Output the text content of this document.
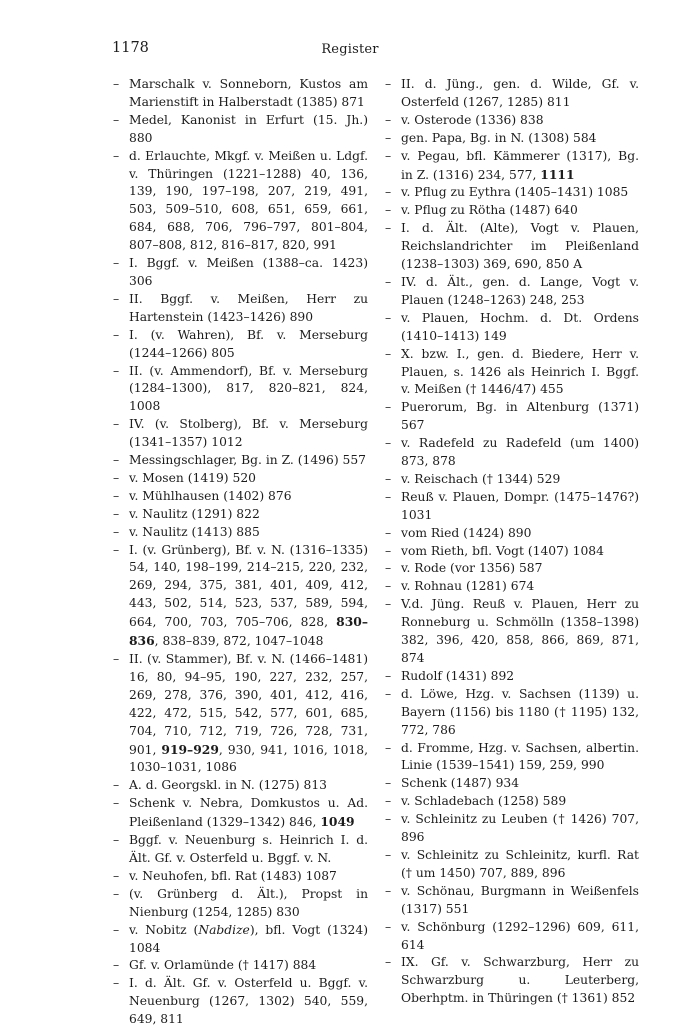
1178	Register
– Marschalk v. Sonneborn, Kustos am Marienstift in Halberstadt (1385) 871
– Medel, Kanonist in Erfurt (15. Jh.) 880
– d. Erlauchte, Mkgf. v. Meißen u. Ldgf. v. Thüringen (1221–1288) 40, 136, 139, 190, 197–198, 207, 219, 491, 503, 509–510, 608, 651, 659, 661, 684, 688, 706, 796–797, 801–804, 807–808, 812, 816–817, 820, 991
– I. Bggf. v. Meißen (1388–ca. 1423) 306
– II. Bggf. v. Meißen, Herr zu Hartenstein (1423–1426) 890
– I. (v. Wahren), Bf. v. Merseburg (1244–1266) 805
– II. (v. Ammendorf), Bf. v. Merseburg (1284–1300), 817, 820–821, 824, 1008
– IV. (v. Stolberg), Bf. v. Merseburg (1341–1357) 1012
– Messingschlager, Bg. in Z. (1496) 557
– v. Mosen (1419) 520
– v. Mühlhausen (1402) 876
– v. Naulitz (1291) 822
– v. Naulitz (1413) 885
– I. (v. Grünberg), Bf. v. N. (1316–1335) 54, 140, 198–199, 214–215, 220, 232, 269, 294, 375, 381, 401, 409, 412, 443, 502, 514, 523, 537, 589, 594, 664, 700, 703, 705–706, 828, 830–836, 838–839, 872, 1047–1048
– II. (v. Stammer), Bf. v. N. (1466–1481) 16, 80, 94–95, 190, 227, 232, 257, 269, 278, 376, 390, 401, 412, 416, 422, 472, 515, 542, 577, 601, 685, 704, 710, 712, 719, 726, 728, 731, 901, 919–929, 930, 941, 1016, 1018, 1030–1031, 1086
– A. d. Georgskl. in N. (1275) 813
– Schenk v. Nebra, Domkustos u. Ad. Pleißenland (1329–1342) 846, 1049
– Bggf. v. Neuenburg s. Heinrich I. d. Ält. Gf. v. Osterfeld u. Bggf. v. N.
– v. Neuhofen, bfl. Rat (1483) 1087
– (v. Grünberg d. Ält.), Propst in Nienburg (1254, 1285) 830
– v. Nobitz (Nabdize), bfl. Vogt (1324) 1084
– Gf. v. Orlamünde († 1417) 884
– I. d. Ält. Gf. v. Osterfeld u. Bggf. v. Neuenburg (1267, 1302) 540, 559, 649, 811
– II. d. Jüng., gen. d. Wilde, Gf. v. Osterfeld (1267, 1285) 811
– v. Osterode (1336) 838
– gen. Papa, Bg. in N. (1308) 584
– v. Pegau, bfl. Kämmerer (1317), Bg. in Z. (1316) 234, 577, 1111
– v. Pflug zu Eythra (1405–1431) 1085
– v. Pflug zu Rötha (1487) 640
– I. d. Ält. (Alte), Vogt v. Plauen, Reichslandrichter im Pleißenland (1238–1303) 369, 690, 850 A
– IV. d. Ält., gen. d. Lange, Vogt v. Plauen (1248–1263) 248, 253
– v. Plauen, Hochm. d. Dt. Ordens (1410–1413) 149
– X. bzw. I., gen. d. Biedere, Herr v. Plauen, s. 1426 als Heinrich I. Bggf. v. Meißen († 1446/47) 455
– Puerorum, Bg. in Altenburg (1371) 567
– v. Radefeld zu Radefeld (um 1400) 873, 878
– v. Reischach († 1344) 529
– Reuß v. Plauen, Dompr. (1475–1476?) 1031
– vom Ried (1424) 890
– vom Rieth, bfl. Vogt (1407) 1084
– v. Rode (vor 1356) 587
– v. Rohnau (1281) 674
– V.d. Jüng. Reuß v. Plauen, Herr zu Ronneburg u. Schmölln (1358–1398) 382, 396, 420, 858, 866, 869, 871, 874
– Rudolf (1431) 892
– d. Löwe, Hzg. v. Sachsen (1139) u. Bayern (1156) bis 1180 († 1195) 132, 772, 786
– d. Fromme, Hzg. v. Sachsen, albertin. Linie (1539–1541) 159, 259, 990
– Schenk (1487) 934
– v. Schladebach (1258) 589
– v. Schleinitz zu Leuben († 1426) 707, 896
– v. Schleinitz zu Schleinitz, kurfl. Rat († um 1450) 707, 889, 896
– v. Schönau, Burgmann in Weißenfels (1317) 551
– v. Schönburg (1292–1296) 609, 611, 614
– IX. Gf. v. Schwarzburg, Herr zu Schwarzburg u. Leuterberg, Oberhptm. in Thüringen († 1361) 852
